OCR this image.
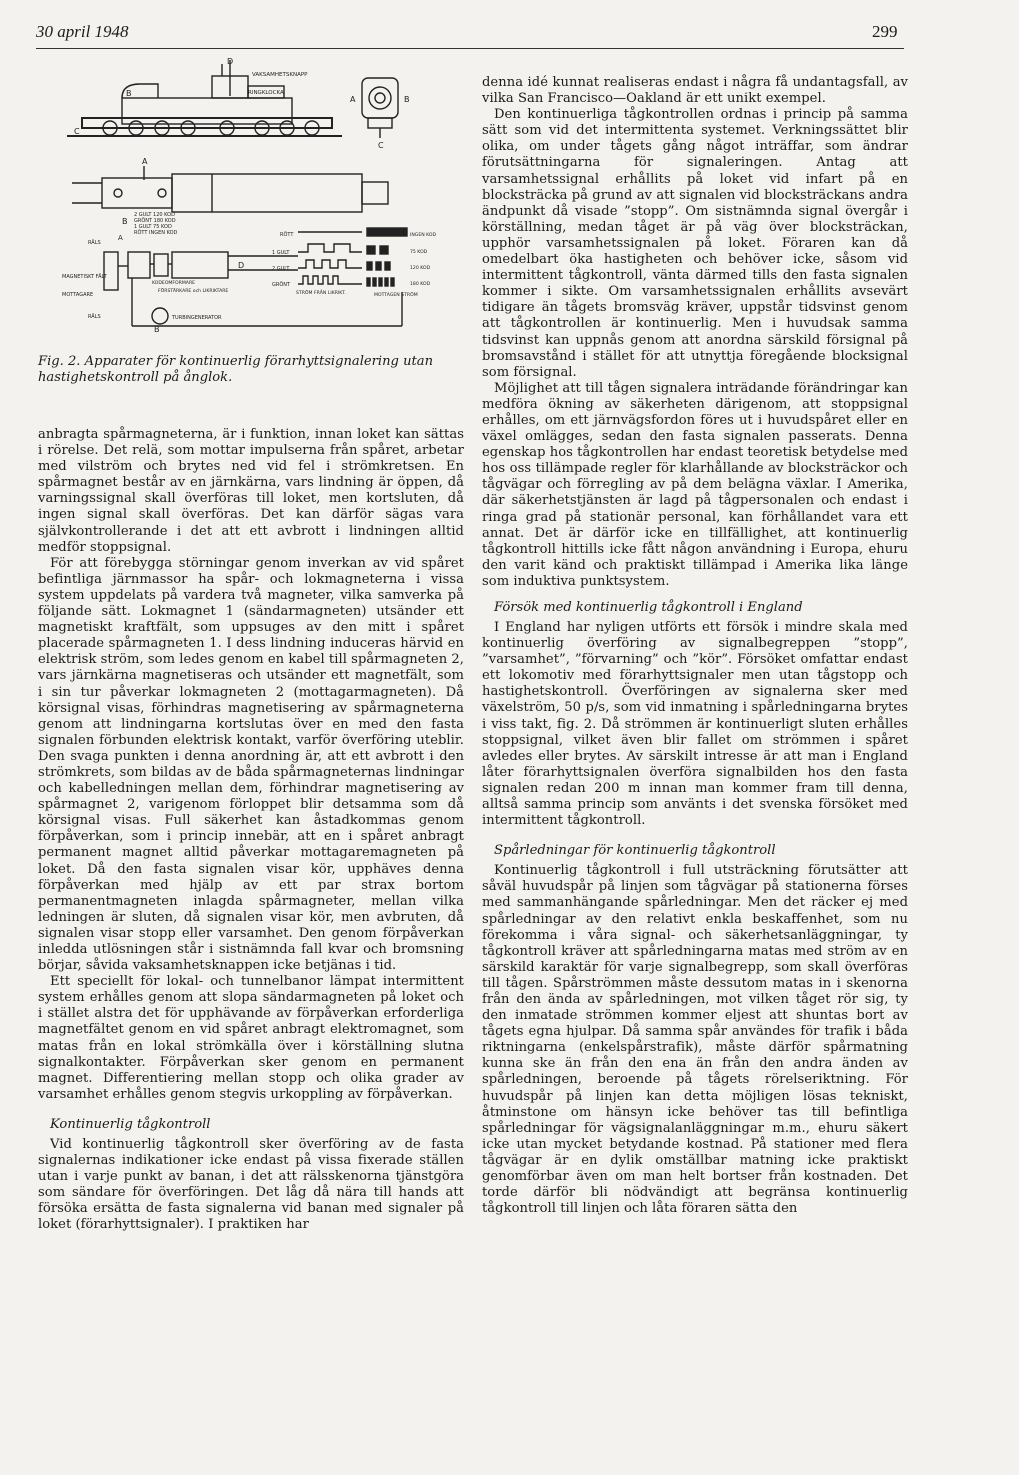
30 april 1948	299
D
VAKSAMHETSKNAPP
RINGKLOCKA
B
C
A	B
C
A
B
2 GULT 120 KOD
GRÖNT 180 KOD
1 GULT 75 KOD
RÖTT INGEN KOD
RÄLS
A
MAGNETISKT FÄLT
MOTTAGARE
RÄLS
D
KODEOMFORMARE
FÖRSTÄRKARE och LIKRIKTARE
TURBINGENERATOR
B
RÖTT
1 GULT
2 GULT
GRÖNT
STRÖM FRÅN LIKRIKT.
INGEN KOD
75 KOD
120 KOD
180 KOD
MOTTAGEN STRÖM
Fig. 2. Apparater för kontinuerlig förarhyttsignalering utan hastighetskontroll på ånglok.

anbragta spårmagneterna, är i funktion, innan loket kan sättas i rörelse. Det relä, som mottar impulserna från spåret, arbetar med vilström och brytes ned vid fel i strömkretsen. En spårmagnet består av en järnkärna, vars lindning är öppen, då varningssignal skall överföras till loket, men kortsluten, då ingen signal skall överföras. Det kan därför sägas vara självkontrollerande i det att ett avbrott i lindningen alltid medför stoppsignal.

För att förebygga störningar genom inverkan av vid spåret befintliga järnmassor ha spår- och lokmagneterna i vissa system uppdelats på vardera två magneter, vilka samverka på följande sätt. Lokmagnet 1 (sändarmagneten) utsänder ett magnetiskt kraftfält, som uppsuges av den mitt i spåret placerade spårmagneten 1. I dess lindning induceras härvid en elektrisk ström, som ledes genom en kabel till spårmagneten 2, vars järnkärna magnetiseras och utsänder ett magnetfält, som i sin tur påverkar lokmagneten 2 (mottagarmagneten). Då körsignal visas, förhindras magnetisering av spårmagneterna genom att lindningarna kortslutas över en med den fasta signalen förbunden elektrisk kontakt, varför överföring uteblir. Den svaga punkten i denna anordning är, att ett avbrott i den strömkrets, som bildas av de båda spårmagneternas lindningar och kabelledningen mellan dem, förhindrar magnetisering av spårmagnet 2, varigenom förloppet blir detsamma som då körsignal visas. Full säkerhet kan åstadkommas genom förpåverkan, som i princip innebär, att en i spåret anbragt permanent magnet alltid påverkar mottagaremagneten på loket. Då den fasta signalen visar kör, upphäves denna förpåverkan med hjälp av ett par strax bortom permanentmagneten inlagda spårmagneter, mellan vilka ledningen är sluten, då signalen visar kör, men avbruten, då signalen visar stopp eller varsamhet. Den genom förpåverkan inledda utlösningen står i sistnämnda fall kvar och bromsning börjar, såvida vaksamhetsknappen icke betjänas i tid.

Ett speciellt för lokal- och tunnelbanor lämpat intermittent system erhålles genom att slopa sändarmagneten på loket och i stället alstra det för upphävande av förpåverkan erforderliga magnetfältet genom en vid spåret anbragt elektromagnet, som matas från en lokal strömkälla över i körställning slutna signalkontakter. Förpåverkan sker genom en permanent magnet. Differentiering mellan stopp och olika grader av varsamhet erhålles genom stegvis urkoppling av förpåverkan.

Kontinuerlig tågkontroll

Vid kontinuerlig tågkontroll sker överföring av de fasta signalernas indikationer icke endast på vissa fixerade ställen utan i varje punkt av banan, i det att rälsskenorna tjänstgöra som sändare för överföringen. Det låg då nära till hands att försöka ersätta de fasta signalerna vid banan med signaler på loket (förarhyttsignaler). I praktiken har

denna idé kunnat realiseras endast i några få undantagsfall, av vilka San Francisco—Oakland är ett unikt exempel.

Den kontinuerliga tågkontrollen ordnas i princip på samma sätt som vid det intermittenta systemet. Verkningssättet blir olika, om under tågets gång något inträffar, som ändrar förutsättningarna för signaleringen. Antag att varsamhetssignal erhållits på loket vid infart på en blocksträcka på grund av att signalen vid blocksträckans andra ändpunkt då visade ”stopp”. Om sistnämnda signal övergår i körställning, medan tåget är på väg över blocksträckan, upphör varsamhetssignalen på loket. Föraren kan då omedelbart öka hastigheten och behöver icke, såsom vid intermittent tågkontroll, vänta därmed tills den fasta signalen kommer i sikte. Om varsamhetssignalen erhållits avsevärt tidigare än tågets bromsväg kräver, uppstår tidsvinst genom att tågkontrollen är kontinuerlig. Men i huvudsak samma tidsvinst kan uppnås genom att anordna särskild försignal på bromsavstånd i stället för att utnyttja föregående blocksignal som försignal.

Möjlighet att till tågen signalera inträdande förändringar kan medföra ökning av säkerheten därigenom, att stoppsignal erhålles, om ett järnvägsfordon föres ut i huvudspåret eller en växel omlägges, sedan den fasta signalen passerats. Denna egenskap hos tågkontrollen har endast teoretisk betydelse med hos oss tillämpade regler för klarhållande av blocksträckor och tågvägar och förregling av på dem belägna växlar. I Amerika, där säkerhetstjänsten är lagd på tågpersonalen och endast i ringa grad på stationär personal, kan förhållandet vara ett annat. Det är därför icke en tillfällighet, att kontinuerlig tågkontroll hittills icke fått någon användning i Europa, ehuru den varit känd och praktiskt tillämpad i Amerika lika länge som induktiva punktsystem.

Försök med kontinuerlig tågkontroll i England

I England har nyligen utförts ett försök i mindre skala med kontinuerlig överföring av signalbegreppen ”stopp”, ”varsamhet”, ”förvarning” och ”kör”. Försöket omfattar endast ett lokomotiv med förarhyttsignaler men utan tågstopp och hastighetskontroll. Överföringen av signalerna sker med växelström, 50 p/s, som vid inmatning i spårledningarna brytes i viss takt, fig. 2. Då strömmen är kontinuerligt sluten erhålles stoppsignal, vilket även blir fallet om strömmen i spåret avledes eller brytes. Av särskilt intresse är att man i England låter förarhyttsignalen överföra signalbilden hos den fasta signalen redan 200 m innan man kommer fram till denna, alltså samma princip som använts i det svenska försöket med intermittent tågkontroll.

Spårledningar för kontinuerlig tågkontroll

Kontinuerlig tågkontroll i full utsträckning förutsätter att såväl huvudspår på linjen som tågvägar på stationerna förses med sammanhängande spårledningar. Men det räcker ej med spårledningar av den relativt enkla beskaffenhet, som nu förekomma i våra signal- och säkerhetsanläggningar, ty tågkontroll kräver att spårledningarna matas med ström av en särskild karaktär för varje signalbegrepp, som skall överföras till tågen. Spårströmmen måste dessutom matas in i skenorna från den ända av spårledningen, mot vilken tåget rör sig, ty den inmatade strömmen kommer eljest att shuntas bort av tågets egna hjulpar. Då samma spår användes för trafik i båda riktningarna (enkelspårstrafik), måste därför spårmatning kunna ske än från den ena än från den andra änden av spårledningen, beroende på tågets rörelseriktning. För huvudspår på linjen kan detta möjligen lösas tekniskt, åtminstone om hänsyn icke behöver tas till befintliga spårledningar för vägsignalanläggningar m.m., ehuru säkert icke utan mycket betydande kostnad. På stationer med flera tågvägar är en dylik omställbar matning icke praktiskt genomförbar även om man helt bortser från kostnaden. Det torde därför bli nödvändigt att begränsa kontinuerlig tågkontroll till linjen och låta föraren sätta den
